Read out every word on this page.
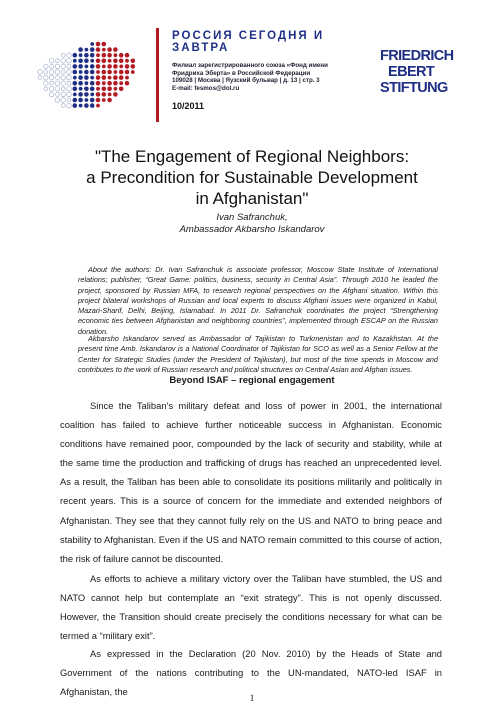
РОССИЯ СЕГОДНЯ И ЗАВТРА
Филиал зарегистрированного союза «Фонд имени
Фридриха Эберта» в Российской Федерации
109028 | Москва | Яузский бульвар | д. 13 | стр. 3
E-mail: fesmos@dol.ru
10/2011
FRIEDRICH
EBERT
STIFTUNG
"The Engagement of Regional Neighbors:
a Precondition for Sustainable Development
in Afghanistan"
Ivan Safranchuk,
Ambassador Akbarsho Iskandarov

About the authors: Dr. Ivan Safranchuk is associate professor, Moscow State Institute of International relations; publisher, “Great Game: politics, business, security in Central Asia”. Through 2010 he leaded the project, sponsored by Russian MFA, to research regional perspectives on the Afghani situation. Within this project bilateral workshops of Russian and local experts to discuss Afghani issues were organized in Kabul, Mazari-Sharif, Delhi, Beijing, Islamabad. In 2011 Dr. Safranchuk coordinates the project “Strengthening economic ties between Afghanistan and neighboring countries”, implemented through ESCAP on the Russian donation.

Akbarsho Iskandarov served as Ambassador of Tajikistan to Turkmenistan and to Kazakhstan. At the present time Amb. Iskandarov is a National Coordinator of Tajikistan for SCO as well as a Senior Fellow at the Center for Strategic Studies (under the President of Tajikistan), but most of the time spends in Moscow and contributes to the work of Russian research and political structures on Central Asian and Afghan issues.

Beyond ISAF – regional engagement

Since the Taliban’s military defeat and loss of power in 2001, the international coalition has failed to achieve further noticeable success in Afghanistan. Economic conditions have remained poor, compounded by the lack of security and stability, while at the same time the production and trafficking of drugs has reached an unprecedented level. As a result, the Taliban has been able to consolidate its positions militarily and politically in recent years. This is a source of concern for the immediate and extended neighbors of Afghanistan. They see that they cannot fully rely on the US and NATO to bring peace and stability to Afghanistan. Even if the US and NATO remain committed to this course of action, the risk of failure cannot be discounted.

As efforts to achieve a military victory over the Taliban have stumbled, the US and NATO cannot help but contemplate an “exit strategy”. This is not openly discussed. However, the Transition should create precisely the conditions necessary for what can be termed a “military exit”.

As expressed in the Declaration (20 Nov. 2010) by the Heads of State and Government of the nations contributing to the UN-mandated, NATO-led ISAF in Afghanistan, the

1
